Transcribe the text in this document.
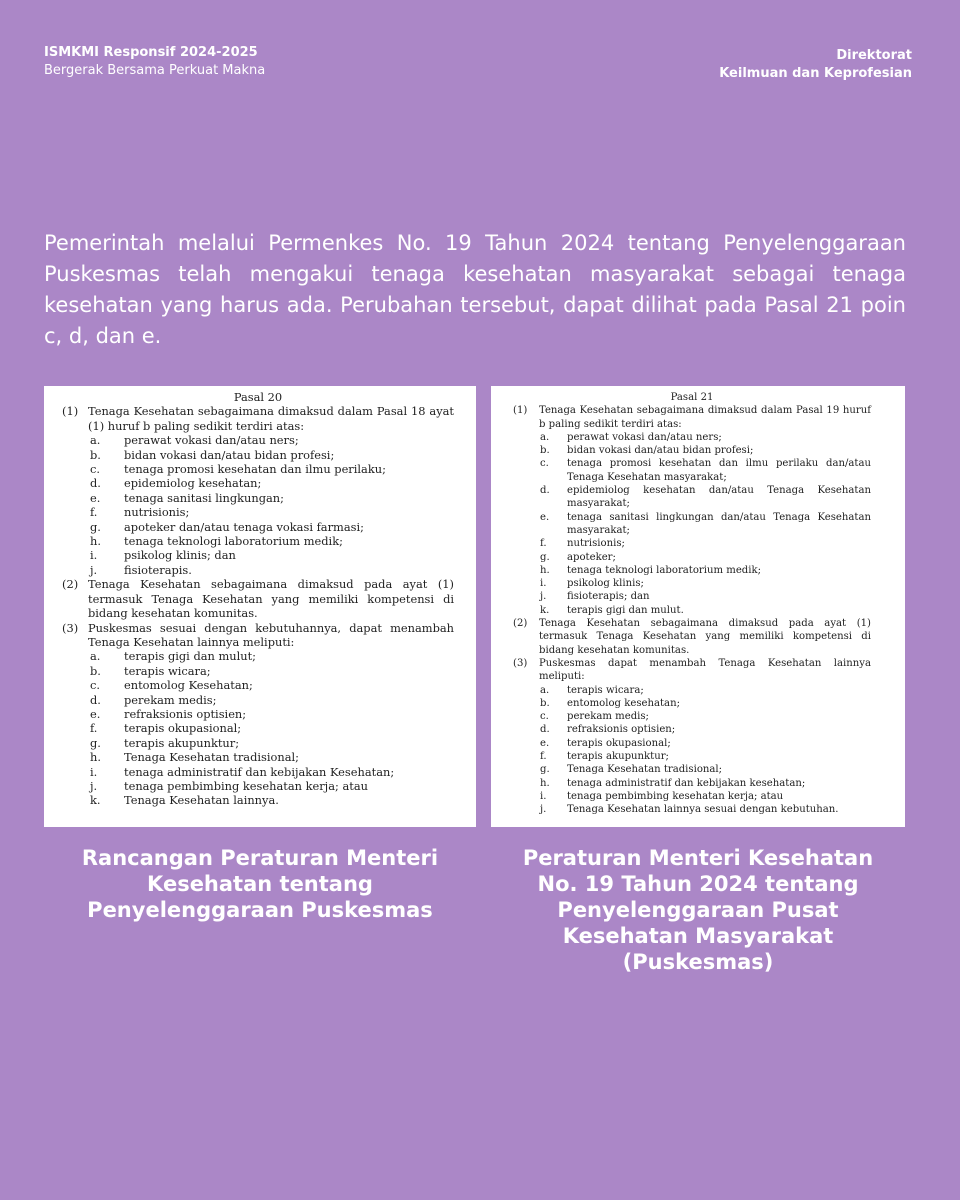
ISMKMI Responsif 2024-2025
Bergerak Bersama Perkuat Makna
Direktorat
Keilmuan dan Keprofesian
Pemerintah melalui Permenkes No. 19 Tahun 2024 tentang Penyelenggaraan Puskesmas telah mengakui tenaga kesehatan masyarakat sebagai tenaga kesehatan yang harus ada. Perubahan tersebut, dapat dilihat pada Pasal 21 poin c, d, dan e.
Pasal 20
(1) Tenaga Kesehatan sebagaimana dimaksud dalam Pasal 18 ayat (1) huruf b paling sedikit terdiri atas:
a.	perawat vokasi dan/atau ners;
b.	bidan vokasi dan/atau bidan profesi;
c.	tenaga promosi kesehatan dan ilmu perilaku;
d.	epidemiolog kesehatan;
e.	tenaga sanitasi lingkungan;
f.	nutrisionis;
g.	apoteker dan/atau tenaga vokasi farmasi;
h.	tenaga teknologi laboratorium medik;
i.	psikolog klinis; dan
j.	fisioterapis.
(2) Tenaga Kesehatan sebagaimana dimaksud pada ayat (1) termasuk Tenaga Kesehatan yang memiliki kompetensi di bidang kesehatan komunitas.
(3) Puskesmas sesuai dengan kebutuhannya, dapat menambah Tenaga Kesehatan lainnya meliputi:
a.	terapis gigi dan mulut;
b.	terapis wicara;
c.	entomolog Kesehatan;
d.	perekam medis;
e.	refraksionis optisien;
f.	terapis okupasional;
g.	terapis akupunktur;
h.	Tenaga Kesehatan tradisional;
i.	tenaga administratif dan kebijakan Kesehatan;
j.	tenaga pembimbing kesehatan kerja; atau
k.	Tenaga Kesehatan lainnya.
Pasal 21
(1)	Tenaga Kesehatan sebagaimana dimaksud dalam Pasal 19 huruf b paling sedikit terdiri atas:
a.	perawat vokasi dan/atau ners;
b.	bidan vokasi dan/atau bidan profesi;
c.	tenaga promosi kesehatan dan ilmu perilaku dan/atau Tenaga Kesehatan masyarakat;
d.	epidemiolog kesehatan dan/atau Tenaga Kesehatan masyarakat;
e.	tenaga sanitasi lingkungan dan/atau Tenaga Kesehatan masyarakat;
f.	nutrisionis;
g.	apoteker;
h.	tenaga teknologi laboratorium medik;
i.	psikolog klinis;
j.	fisioterapis; dan
k.	terapis gigi dan mulut.
(2)	Tenaga Kesehatan sebagaimana dimaksud pada ayat (1) termasuk Tenaga Kesehatan yang memiliki kompetensi di bidang kesehatan komunitas.
(3)	Puskesmas dapat menambah Tenaga Kesehatan lainnya meliputi:
a.	terapis wicara;
b.	entomolog kesehatan;
c.	perekam medis;
d.	refraksionis optisien;
e.	terapis okupasional;
f.	terapis akupunktur;
g.	Tenaga Kesehatan tradisional;
h.	tenaga administratif dan kebijakan kesehatan;
i.	tenaga pembimbing kesehatan kerja; atau
j.	Tenaga Kesehatan lainnya sesuai dengan kebutuhan.
Rancangan Peraturan Menteri
Kesehatan tentang
Penyelenggaraan Puskesmas
Peraturan Menteri Kesehatan
No. 19 Tahun 2024 tentang
Penyelenggaraan Pusat
Kesehatan Masyarakat
(Puskesmas)
